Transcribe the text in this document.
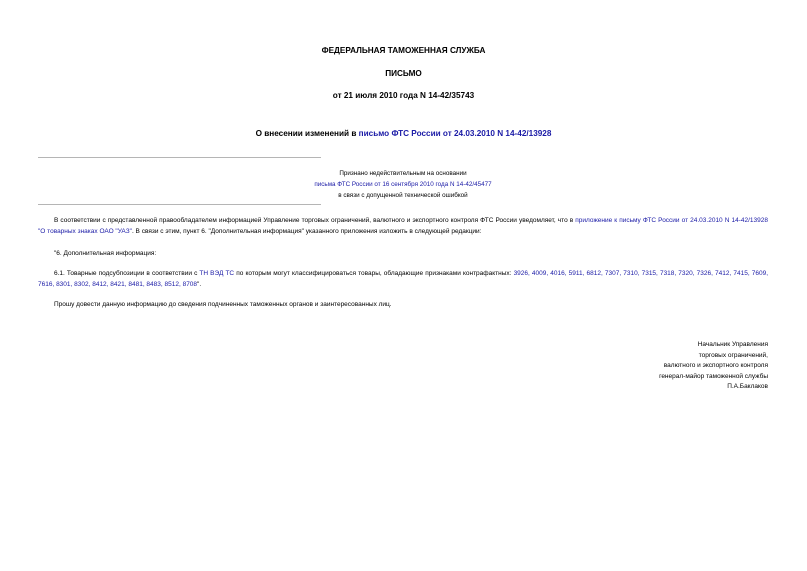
ФЕДЕРАЛЬНАЯ ТАМОЖЕННАЯ СЛУЖБА
ПИСЬМО
от 21 июля 2010 года N 14-42/35743
О внесении изменений в письмо ФТС России от 24.03.2010 N 14-42/13928
Признано недействительным на основании
письма ФТС России от 16 сентября 2010 года N 14-42/45477
в связи с допущенной технической ошибкой
В соответствии с представленной правообладателем информацией Управление торговых ограничений, валютного и экспортного контроля ФТС России уведомляет, что в приложение к письму ФТС России от 24.03.2010 N 14-42/13928 "О товарных знаках ОАО "УАЗ". В связи с этим, пункт 6. "Дополнительная информация" указанного приложения изложить в следующей редакции:
"6. Дополнительная информация:
6.1. Товарные подсубпозиции в соответствии с ТН ВЭД ТС по которым могут классифицироваться товары, обладающие признаками контрафактных: 3926, 4009, 4016, 5911, 6812, 7307, 7310, 7315, 7318, 7320, 7326, 7412, 7415, 7609, 7616, 8301, 8302, 8412, 8421, 8481, 8483, 8512, 8708".
Прошу довести данную информацию до сведения подчиненных таможенных органов и заинтересованных лиц.
Начальник Управления
торговых ограничений,
валютного и экспортного контроля
генерал-майор таможенной службы
П.А.Баклаков
